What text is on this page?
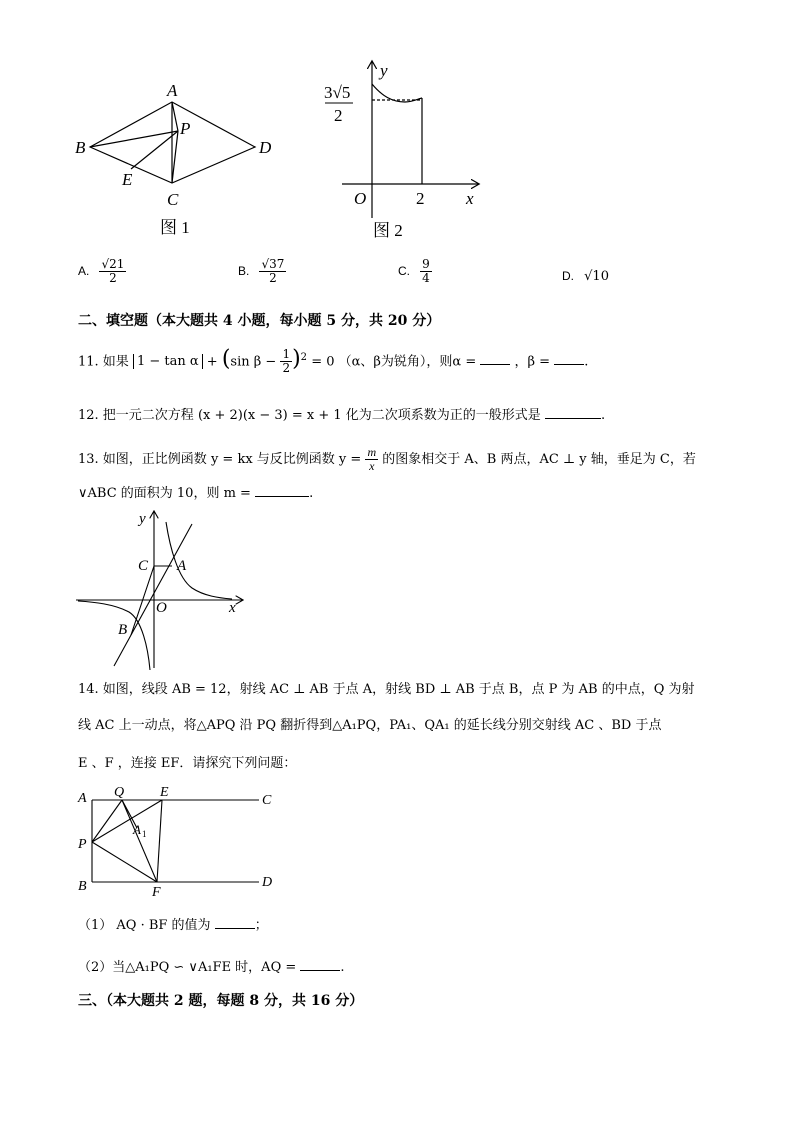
A
B
C
D
P
E
图 1
y
x
O	2
3√5
2
图 2
A. $\frac{√21}{2}$	B. $\frac{√37}{2}$	C. $\frac{9}{4}$	D. √10
二、填空题（本大题共 4 小题，每小题 5 分，共 20 分）
11. 如果 1 − tan α + (sin $\beta - \frac{1}{2} )^2 = 0$ （α、β为锐角），则α =	，β =	.
12. 把一元二次方程 (x + 2)(x − 3) = x + 1 化为二次项系数为正的一般形式是	.
13. 如图，正比例函数 y = kx 与反比例函数 $y = \frac{m}{x}$ 的图象相交于 A、B 两点，AC ⊥ y 轴，垂足为 C，若
∨ABC 的面积为 10，则 m =	.
y
x
C A
O
B
14. 如图，线段 AB = 12，射线 AC ⊥ AB 于点 A，射线 BD ⊥ AB 于点 B，点 P 为 AB 的中点，Q 为射
线 AC 上一动点，将△APQ 沿 PQ 翻折得到△A₁PQ，PA₁、QA₁ 的延长线分别交射线 AC 、BD 于点
E 、F ，连接 EF．请探究下列问题：
A Q	E
C
A 1
P
B	F
D
（1） AQ · BF 的值为	；
（2）当△A₁PQ ∽ ∨A₁FE 时，AQ =	.
三、（本大题共 2 题，每题 8 分，共 16 分）
